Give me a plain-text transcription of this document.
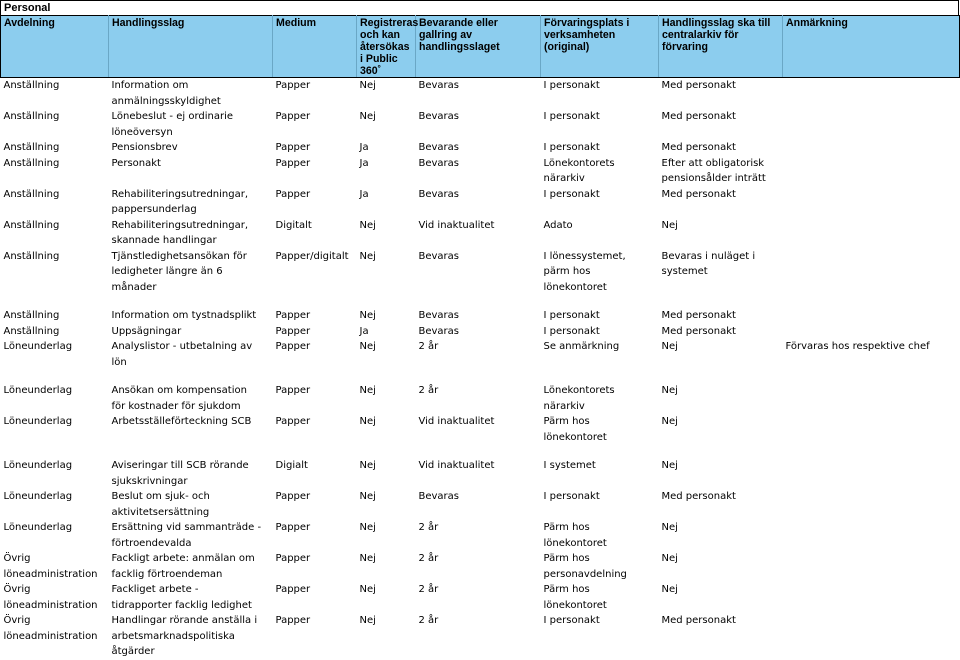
Personal
Avdelning	Handlingsslag	Medium	Registreras och kan återsökas i Public 360˚	Bevarande eller gallring av handlingsslaget	Förvaringsplats i verksamheten (original)	Handlingsslag ska till centralarkiv för förvaring	Anmärkning

Anställning	Information om anmälningsskyldighet	Papper	Nej	Bevaras	I personakt	Med personakt	

Anställning	Lönebeslut - ej ordinarie löneöversyn	Papper	Nej	Bevaras	I personakt	Med personakt	

Anställning	Pensionsbrev	Papper	Ja	Bevaras	I personakt	Med personakt	

Anställning	Personakt	Papper	Ja	Bevaras	Lönekontorets närarkiv	Efter att obligatorisk pensionsålder inträtt	

Anställning	Rehabiliteringsutredningar, pappersunderlag	Papper	Ja	Bevaras	I personakt	Med personakt	

Anställning	Rehabiliteringsutredningar, skannade handlingar	Digitalt	Nej	Vid inaktualitet	Adato	Nej	

Anställning	Tjänstledighetsansökan för ledigheter längre än 6 månader	Papper/digitalt	Nej	Bevaras	I lönessystemet, pärm hos lönekontoret	Bevaras i nuläget i systemet	

Anställning	Information om tystnadsplikt	Papper	Nej	Bevaras	I personakt	Med personakt	

Anställning	Uppsägningar	Papper	Ja	Bevaras	I personakt	Med personakt	

Löneunderlag	Analyslistor - utbetalning av lön	Papper	Nej	2 år	Se anmärkning	Nej	Förvaras hos respektive chef

Löneunderlag	Ansökan om kompensation för kostnader för sjukdom	Papper	Nej	2 år	Lönekontorets närarkiv	Nej	

Löneunderlag	Arbetsställeförteckning SCB	Papper	Nej	Vid inaktualitet	Pärm hos lönekontoret	Nej	

Löneunderlag	Aviseringar till SCB rörande sjukskrivningar	Digialt	Nej	Vid inaktualitet	I systemet	Nej	

Löneunderlag	Beslut om sjuk- och aktivitetsersättning	Papper	Nej	Bevaras	I personakt	Med personakt	

Löneunderlag	Ersättning vid sammanträde - förtroendevalda	Papper	Nej	2 år	Pärm hos lönekontoret	Nej	

Övrig löneadministration	Fackligt arbete: anmälan om facklig förtroendeman	Papper	Nej	2 år	Pärm hos personavdelning	Nej	

Övrig löneadministration	Fackliget arbete - tidrapporter facklig ledighet	Papper	Nej	2 år	Pärm hos lönekontoret	Nej	

Övrig löneadministration	Handlingar rörande anställa i arbetsmarknadspolitiska åtgärder	Papper	Nej	2 år	I personakt	Med personakt	
